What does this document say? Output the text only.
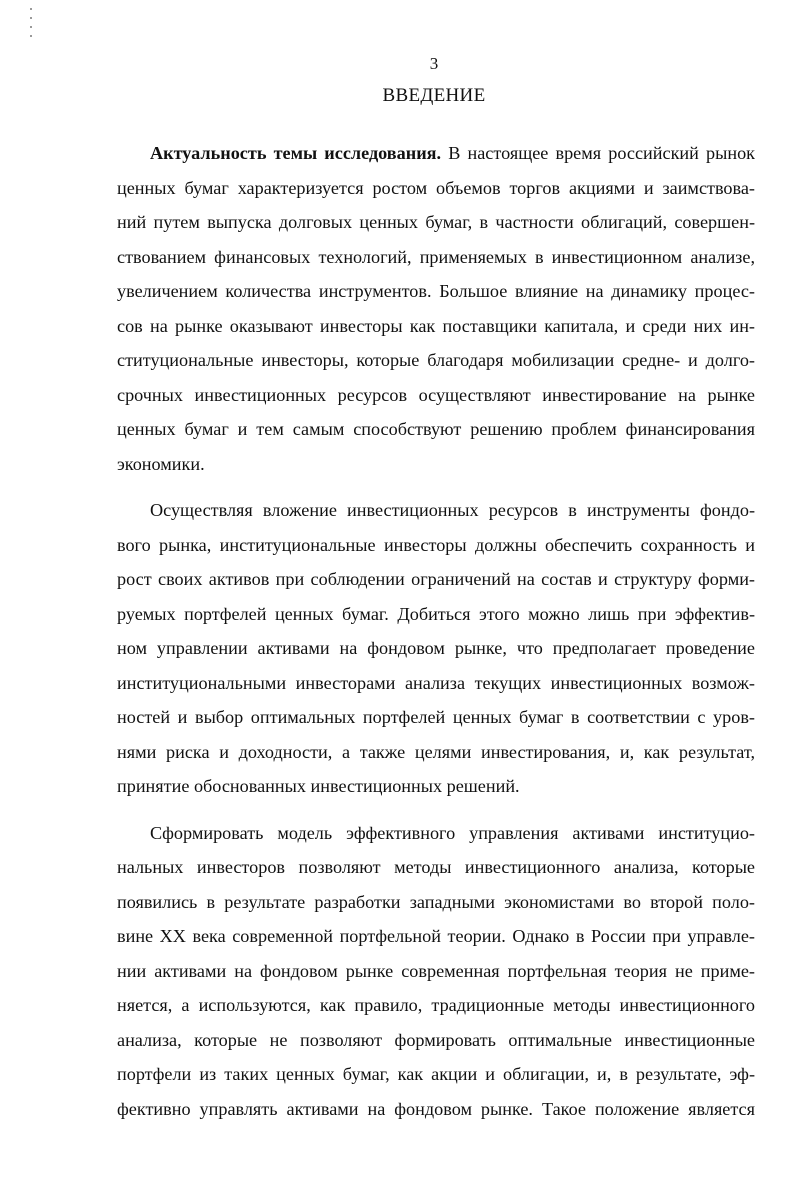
3
ВВЕДЕНИЕ
Актуальность темы исследования. В настоящее время российский рынок
ценных бумаг характеризуется ростом объемов торгов акциями и заимствова-
ний путем выпуска долговых ценных бумаг, в частности облигаций, совершен-
ствованием финансовых технологий, применяемых в инвестиционном анализе,
увеличением количества инструментов. Большое влияние на динамику процес-
сов на рынке оказывают инвесторы как поставщики капитала, и среди них ин-
ституциональные инвесторы, которые благодаря мобилизации средне- и долго-
срочных инвестиционных ресурсов осуществляют инвестирование на рынке
ценных бумаг и тем самым способствуют решению проблем финансирования
экономики.
Осуществляя вложение инвестиционных ресурсов в инструменты фондо-
вого рынка, институциональные инвесторы должны обеспечить сохранность и
рост своих активов при соблюдении ограничений на состав и структуру форми-
руемых портфелей ценных бумаг. Добиться этого можно лишь при эффектив-
ном управлении активами на фондовом рынке, что предполагает проведение
институциональными инвесторами анализа текущих инвестиционных возмож-
ностей и выбор оптимальных портфелей ценных бумаг в соответствии с уров-
нями риска и доходности, а также целями инвестирования, и, как результат,
принятие обоснованных инвестиционных решений.
Сформировать модель эффективного управления активами институцио-
нальных инвесторов позволяют методы инвестиционного анализа, которые
появились в результате разработки западными экономистами во второй поло-
вине XX века современной портфельной теории. Однако в России при управле-
нии активами на фондовом рынке современная портфельная теория не приме-
няется, а используются, как правило, традиционные методы инвестиционного
анализа, которые не позволяют формировать оптимальные инвестиционные
портфели из таких ценных бумаг, как акции и облигации, и, в результате, эф-
фективно управлять активами на фондовом рынке. Такое положение является
